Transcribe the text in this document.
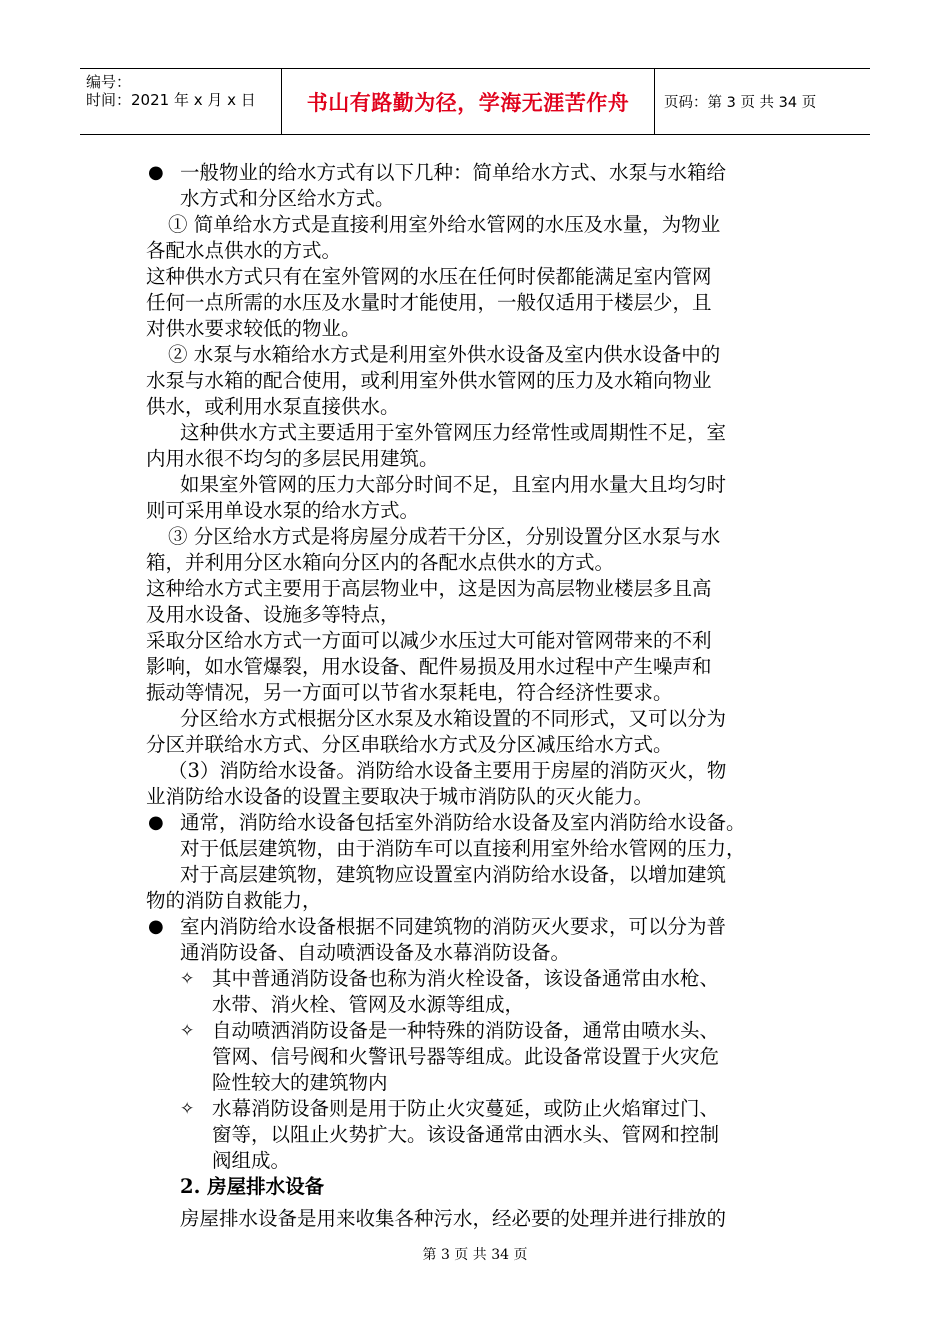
编号：
时间：2021 年 x 月 x 日	书山有路勤为径，学海无涯苦作舟	页码：第 3 页 共 34 页
● 一般物业的给水方式有以下几种：简单给水方式、水泵与水箱给
水方式和分区给水方式。
① 简单给水方式是直接利用室外给水管网的水压及水量，为物业
各配水点供水的方式。
这种供水方式只有在室外管网的水压在任何时侯都能满足室内管网
任何一点所需的水压及水量时才能使用，一般仅适用于楼层少，且
对供水要求较低的物业。
② 水泵与水箱给水方式是利用室外供水设备及室内供水设备中的
水泵与水箱的配合使用，或利用室外供水管网的压力及水箱向物业
供水，或利用水泵直接供水。
这种供水方式主要适用于室外管网压力经常性或周期性不足，室
内用水很不均匀的多层民用建筑。
如果室外管网的压力大部分时间不足，且室内用水量大且均匀时
则可采用单设水泵的给水方式。
③ 分区给水方式是将房屋分成若干分区，分别设置分区水泵与水
箱，并利用分区水箱向分区内的各配水点供水的方式。
这种给水方式主要用于高层物业中，这是因为高层物业楼层多且高
及用水设备、设施多等特点，
采取分区给水方式一方面可以减少水压过大可能对管网带来的不利
影响，如水管爆裂，用水设备、配件易损及用水过程中产生噪声和
振动等情况，另一方面可以节省水泵耗电，符合经济性要求。
分区给水方式根据分区水泵及水箱设置的不同形式，又可以分为
分区并联给水方式、分区串联给水方式及分区减压给水方式。
（3）消防给水设备。消防给水设备主要用于房屋的消防灭火，物
业消防给水设备的设置主要取决于城市消防队的灭火能力。
● 通常，消防给水设备包括室外消防给水设备及室内消防给水设备。
对于低层建筑物，由于消防车可以直接利用室外给水管网的压力，
对于高层建筑物，建筑物应设置室内消防给水设备，以增加建筑
物的消防自救能力，
● 室内消防给水设备根据不同建筑物的消防灭火要求，可以分为普
通消防设备、自动喷洒设备及水幕消防设备。
✧ 其中普通消防设备也称为消火栓设备，该设备通常由水枪、
水带、消火栓、管网及水源等组成，
✧ 自动喷洒消防设备是一种特殊的消防设备，通常由喷水头、
管网、信号阀和火警讯号器等组成。此设备常设置于火灾危
险性较大的建筑物内
✧ 水幕消防设备则是用于防止火灾蔓延，或防止火焰窜过门、
窗等，以阻止火势扩大。该设备通常由洒水头、管网和控制
阀组成。
2. 房屋排水设备
房屋排水设备是用来收集各种污水，经必要的处理并进行排放的
第 3 页 共 34 页
